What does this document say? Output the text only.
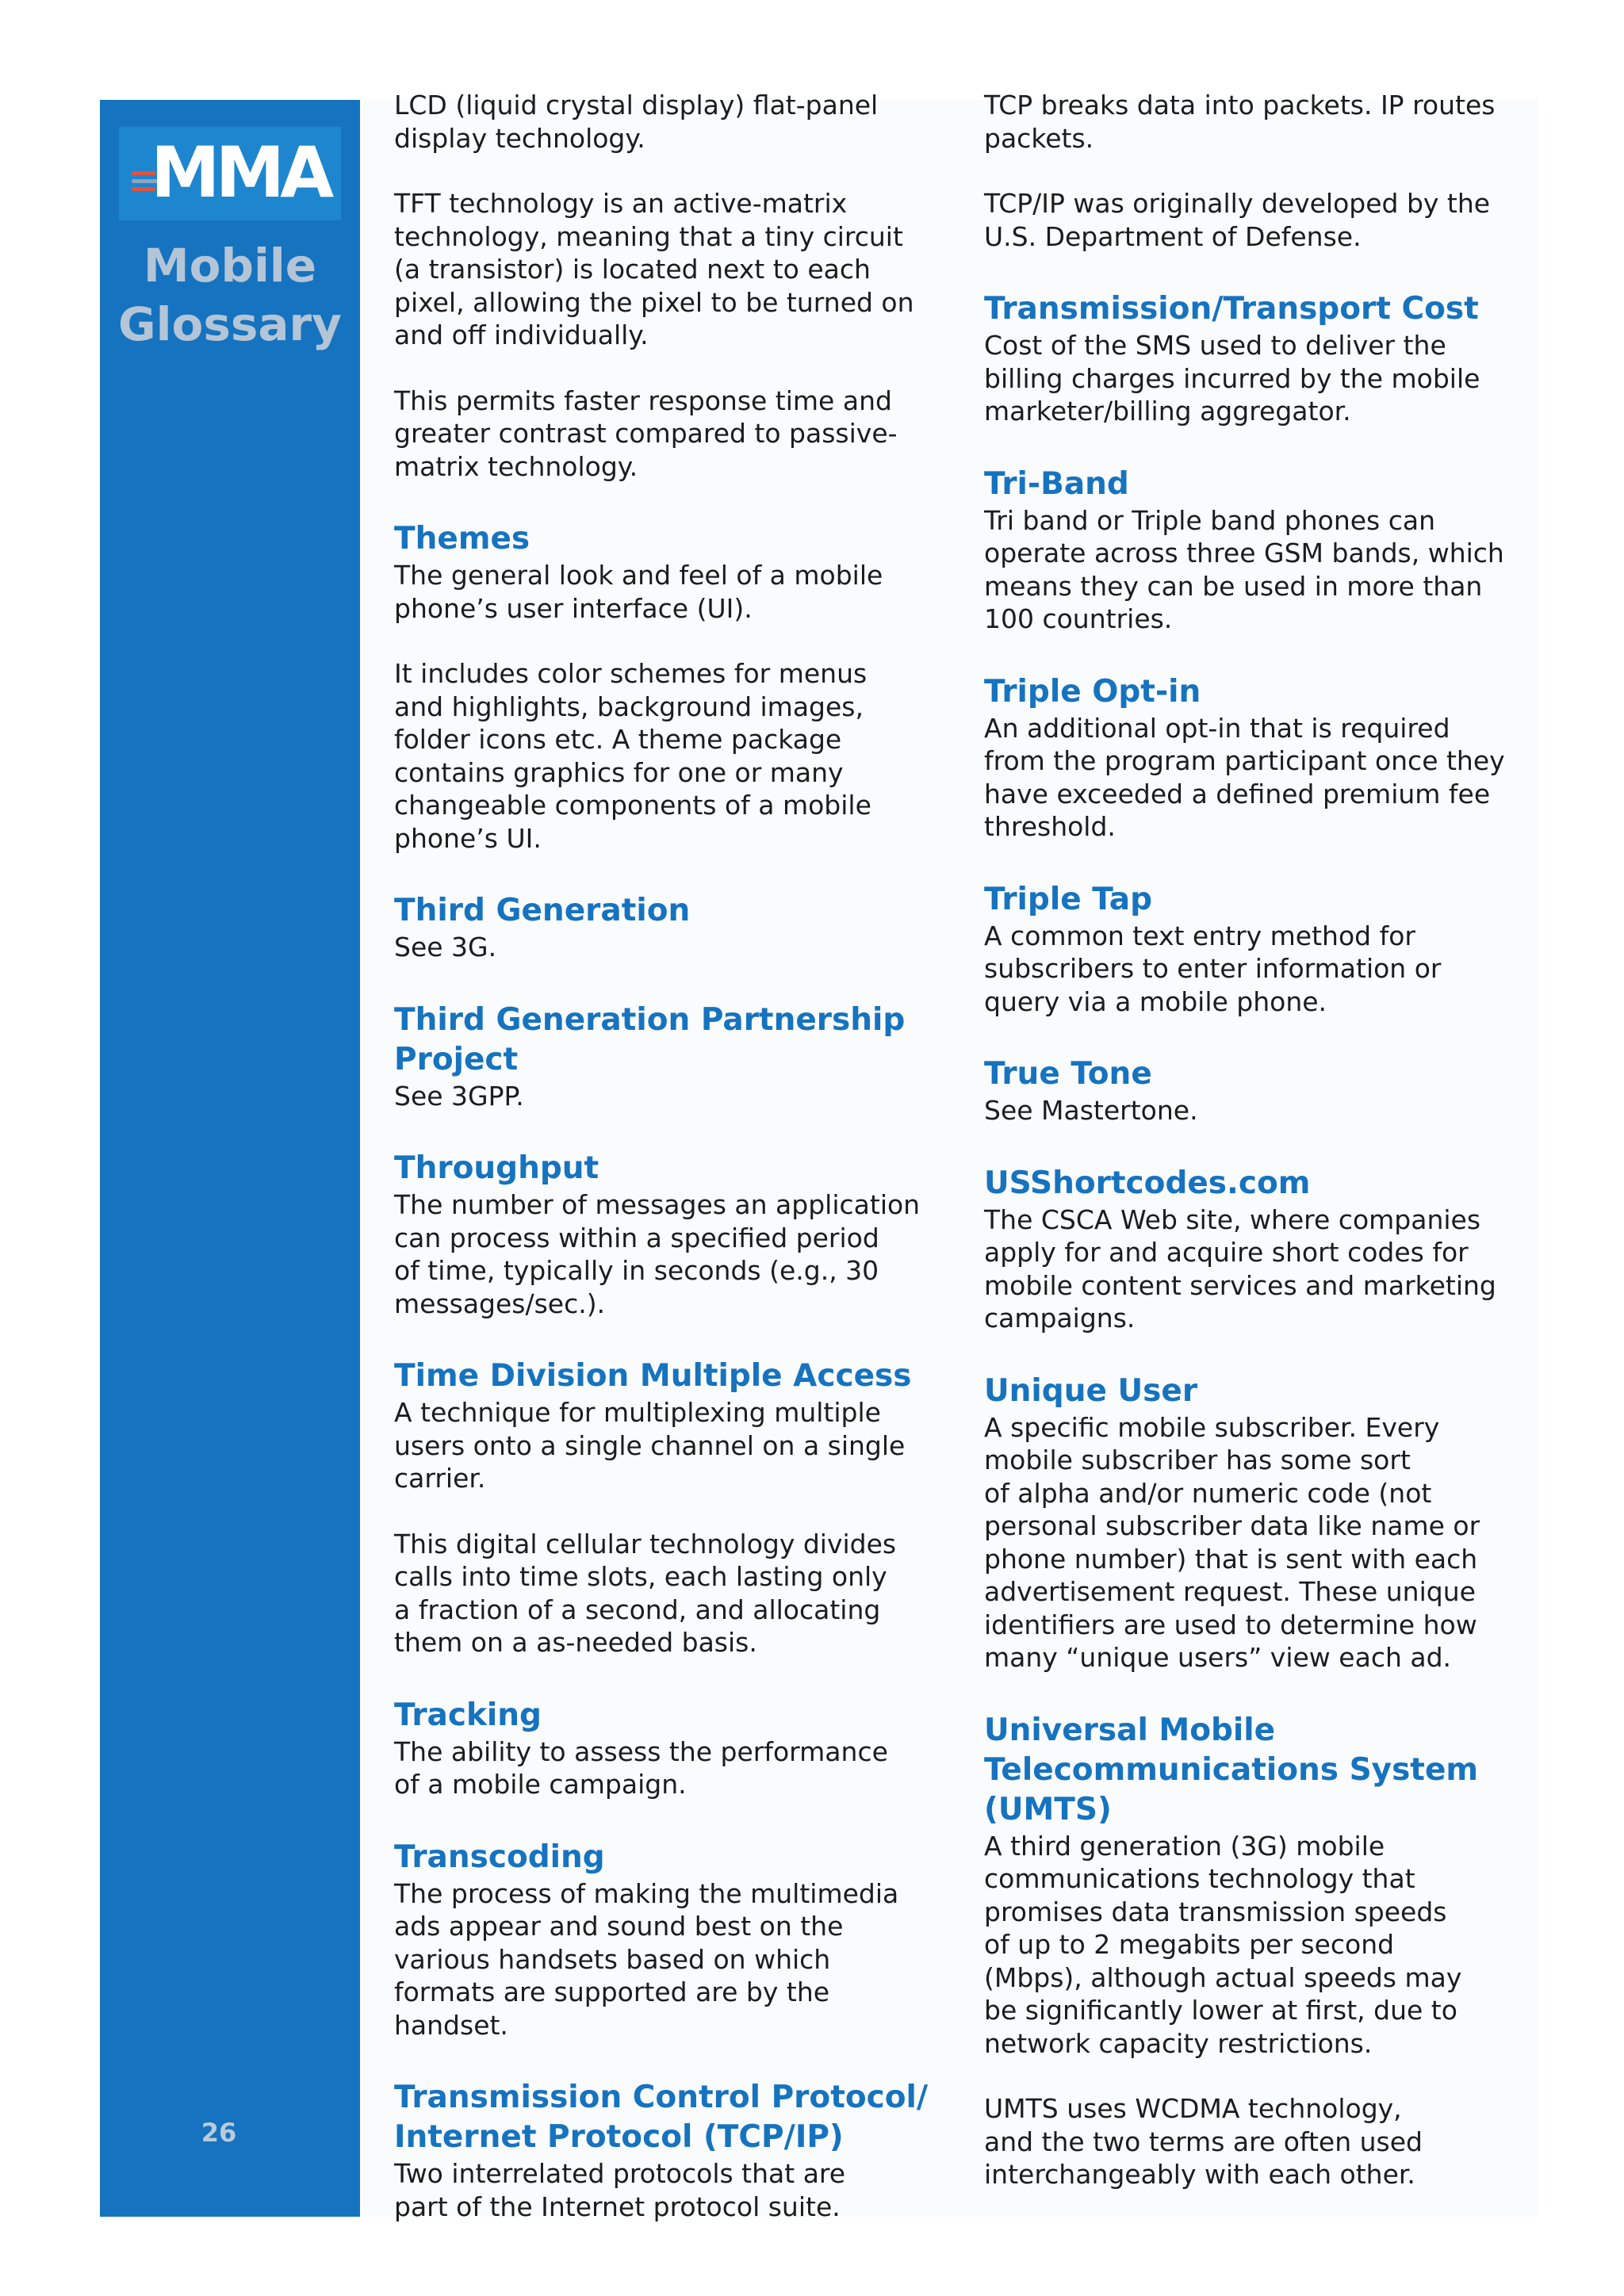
MMA
Mobile Glossary
26
LCD (liquid crystal display) flat-panel
display technology.
TFT technology is an active-matrix
technology, meaning that a tiny circuit
(a transistor) is located next to each
pixel, allowing the pixel to be turned on
and off individually.
This permits faster response time and
greater contrast compared to passive-
matrix technology.
Themes
The general look and feel of a mobile
phone’s user interface (UI).
It includes color schemes for menus
and highlights, background images,
folder icons etc. A theme package
contains graphics for one or many
changeable components of a mobile
phone’s UI.
Third Generation
See 3G.
Third Generation Partnership
Project
See 3GPP.
Throughput
The number of messages an application
can process within a specified period
of time, typically in seconds (e.g., 30
messages/sec.).
Time Division Multiple Access
A technique for multiplexing multiple
users onto a single channel on a single
carrier.
This digital cellular technology divides
calls into time slots, each lasting only
a fraction of a second, and allocating
them on a as-needed basis.
Tracking
The ability to assess the performance
of a mobile campaign.
Transcoding
The process of making the multimedia
ads appear and sound best on the
various handsets based on which
formats are supported are by the
handset.
Transmission Control Protocol/
Internet Protocol (TCP/IP)
Two interrelated protocols that are
part of the Internet protocol suite.
TCP breaks data into packets. IP routes
packets.
TCP/IP was originally developed by the
U.S. Department of Defense.
Transmission/Transport Cost
Cost of the SMS used to deliver the
billing charges incurred by the mobile
marketer/billing aggregator.
Tri-Band
Tri band or Triple band phones can
operate across three GSM bands, which
means they can be used in more than
100 countries.
Triple Opt-in
An additional opt-in that is required
from the program participant once they
have exceeded a defined premium fee
threshold.
Triple Tap
A common text entry method for
subscribers to enter information or
query via a mobile phone.
True Tone
See Mastertone.
USShortcodes.com
The CSCA Web site, where companies
apply for and acquire short codes for
mobile content services and marketing
campaigns.
Unique User
A specific mobile subscriber. Every
mobile subscriber has some sort
of alpha and/or numeric code (not
personal subscriber data like name or
phone number) that is sent with each
advertisement request. These unique
identifiers are used to determine how
many “unique users” view each ad.
Universal Mobile
Telecommunications System
(UMTS)
A third generation (3G) mobile
communications technology that
promises data transmission speeds
of up to 2 megabits per second
(Mbps), although actual speeds may
be significantly lower at first, due to
network capacity restrictions.
UMTS uses WCDMA technology,
and the two terms are often used
interchangeably with each other.
